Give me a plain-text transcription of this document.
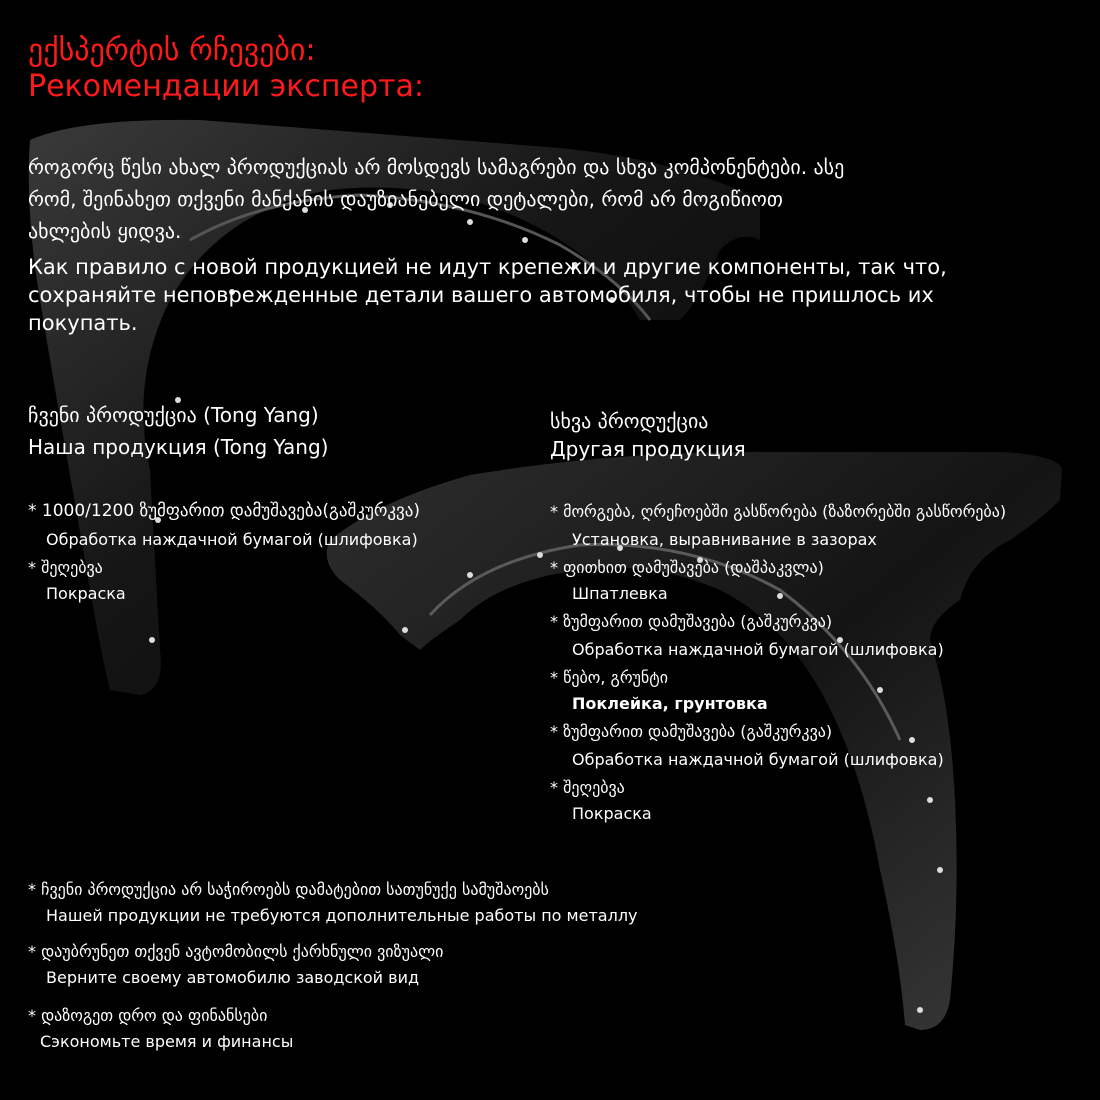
ექსპერტის რჩევები:
Рекомендации эксперта:
როგორც წესი ახალ პროდუქციას არ მოსდევს სამაგრები და სხვა კომპონენტები. ასე
რომ, შეინახეთ თქვენი მანქანის დაუზიანებელი დეტალები, რომ არ მოგიწიოთ
ახლების ყიდვა.
Как правило с новой продукцией не идут крепежи и другие компоненты, так что,
сохраняйте неповрежденные детали вашего автомобиля, чтобы не пришлось их
покупать.
ჩვენი პროდუქცია (Tong Yang)
Наша продукция (Tong Yang)
* 1000/1200 ზუმფარით დამუშავება(გაშკურკვა)
Обработка наждачной бумагой (шлифовка)
* შეღებვა
Покраска
სხვა პროდუქცია
Другая продукция
* მორგება, ღრეჩოებში გასწორება (ზაზორებში გასწორება)
Установка, выравнивание в зазорах
* ფითხით დამუშავება (დაშპაკვლა)
Шпатлевка
* ზუმფარით დამუშავება (გაშკურკვა)
Обработка наждачной бумагой (шлифовка)
* წებო, გრუნტი
Поклейка, грунтовка
* ზუმფარით დამუშავება (გაშკურკვა)
Обработка наждачной бумагой (шлифовка)
* შეღებვა
Покраска
* ჩვენი პროდუქცია არ საჭიროებს დამატებით სათუნუქე სამუშაოებს
Нашей продукции не требуются дополнительные работы по металлу
* დაუბრუნეთ თქვენ ავტომობილს ქარხნული ვიზუალი
Верните своему автомобилю заводской вид
* დაზოგეთ დრო და ფინანსები
Сэкономьте время и финансы
